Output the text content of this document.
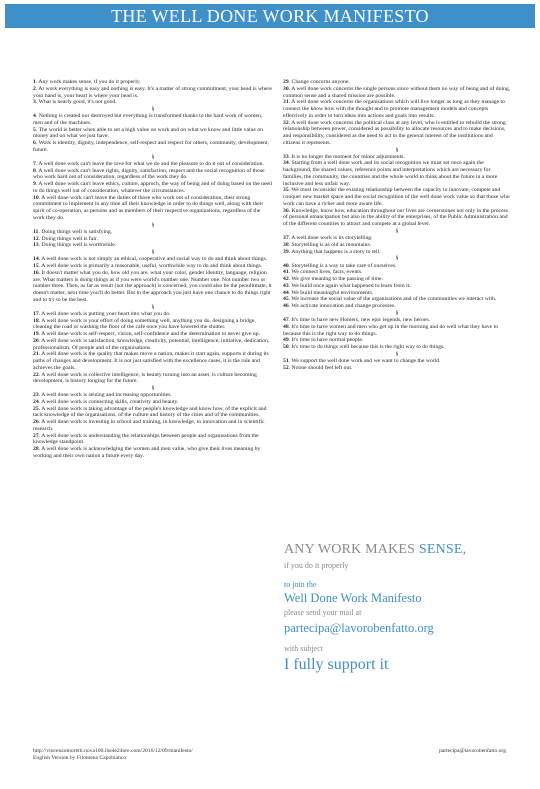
THE WELL DONE WORK MANIFESTO

1. Any work makes sense, if you do it properly.

2. At work everything is easy and nothing is easy. It's a matter of strong commitment, your head is where your hand is, your heart is where your head is.

3. What is nearly good, it's not good.

§

4. Nothing is created nor destroyed but everything is transformed thanks to the hard work of women, men and of the machines.

5. The world is better when able to set a high value on work and on what we know and little value on money and on what we just have.

6. Work is identity, dignity, independence, self-respect and respect for others, community, development, future.

§

7. A well done work can't leave the love for what we do and the pleasure to do it out of consideration.

8. A well done work can't leave rights, dignity, satisfaction, respect and the social recognition of those who work hard out of consideration, regardless of the work they do.

9. A well done work can't leave ethics, culture, approch, the way of being and of doing based on the need to do things well out of consideration, whatever the circumstances.

10. A well done work can't leave the duties of those who work out of consideration, their strong commitment to implement in any time all their knowledge in order to do things well, along with their spirit of co-operation, as persons and as members of their respective organizations, regardless of the work they do.

§

11. Doing things well is satisfying.

12. Doing things well is fair.

13. Doing things well is worthwhile.

§

14. A well done work is not simply an ethical, cooperative and social way to do and think about things.

15. A well done work is primarily a reasonable, useful, worthwhile way to do and think about things.

16. It doesn't matter what you do, how old you are, what your color, gender identity, language, religion are. What matters is doing things as if you were world's number one. Number one. Not number two or number three. Then, as far as result (not the approach) is concerned, you could also be the penultimate, it doesn't matter, next time you'll do better. But in the approach you just have one chance to do things right and to try to be the best.

§

17. A well done work is putting your heart into what you do.

18. A well done work is your effort of doing something well, anything you do, designing a bridge, cleaning the road or washing the floor of the café once you have lowered the shutter.

19. A well done work is self-respect, vision, self-confidence and the determination to never give up.

20. A well done work is satisfaction, knowledge, creativity, potential, intelligence, initiative, dedication, professionalism. Of people and of the organisations.

21. A well done work is the quality that makes move a nation, makes it start again, supports it during its paths of changes and development. It is not just satisfied with the excellence cases, it is the rule and achieves the goals.

22. A well done work is collective intelligence, is beauty turning into an asset, is culture becoming development, is history longing for the future.

§

23. A well done work is seizing and increasing opportunities.

24. A well done work is connecting skills, creativity and beauty.

25. A well done work is taking advantage of the people's knowledge and know how, of the explicit and tacit knowledge of the organisations, of the culture and history of the cities and of the communities.

26. A well done work is investing in school and training, in knowledge, in innovation and in scientific research.

27. A well done work is understanding the relationships between people and organisations from the knowledge standpoint.

28. A well done work is acknowledging the women and men value, who give their lives meaning by working and their own nation a future every day.

29. Change concerns anyone.

30. A well done work concerns the single persons since without them no way of being and of doing, common sense and a shared mission are possible.

31. A well done work concerns the organisations which will live longer as long as they manage to connect the know how with the thought and to promote management models and concepts effectively in order to turn ideas into actions and goals into results.

32. A well done work concerns the political class at any level, who is entitled to rebuild the strong relationship between power, considered as possibility to allocate resources and to make decisions, and responsibility, considered as the need to act in the general interest of the institutions and citizens it represents.

§

33. It is no longer the moment for minor adjustments.

34. Starting from a well done work and its social recognition we must set once again the background, the shared values, reference points and interpretations which are necessary for families, the community, the countries and the whole world to think about the future in a more inclusive and less unfair way.

35. We must reconsider the existing relationship between the capacity to innovate, compete and conquer new market space and the social recognition of the well done work value so that those who work can have a richer and more aware life.

36. Knowledge, know how, education throughout our lives are cornerstones not only in the process of personal emancipation but also in the ability of the enterprises, of the Public Administration and of the different countries to attract and compete at a global level.

§

37. A well done work is its storytelling.

38. Storytelling is as old as mountains.

39. Anything that happens is a story to tell.

§

40. Storytelling is a way to take care of ourselves.

41. We connect lives, facts, events.

42. We give meaning to the passing of time.

43. We build once again what happened to learn from it.

44. We build meaningful environments.

45. We increase the social value of the organisations and of the communities we interact with.

46. We activate innovation and change processes.

§

47. It's time to have new Homers, new epic legends, new heroes.

48. It's time to have women and men who get up in the morning and do well what they have to because this is the right way to do things.

49. It's time to have normal people.

50. It's time to do things well because this is the right way to do things.

§

51. We support the well done work and we want to change the world.

52. Noone should feel left out.

ANY WORK MAKES SENSE,
if you do it properly
to join the
Well Done Work Manifesto
please send your mail at
partecipa@lavorobenfatto.org
with subject
I fully support it
http://vincenzomoretti.nova100.ilsole24ore.com/2016/12/09/manifesto/
English Version by Filomena Capobianco
partecipa@lavorobenfatto.org
